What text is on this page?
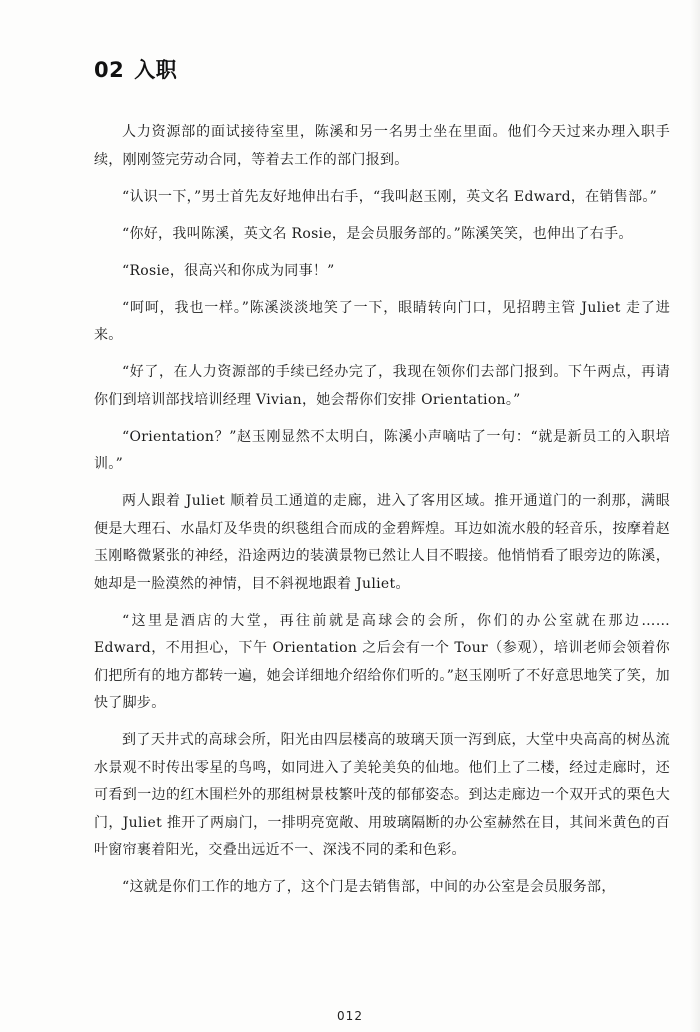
02 入职

人力资源部的面试接待室里，陈溪和另一名男士坐在里面。他们今天过来办理入职手续，刚刚签完劳动合同，等着去工作的部门报到。

“认识一下，”男士首先友好地伸出右手，“我叫赵玉刚，英文名 Edward，在销售部。”

“你好，我叫陈溪，英文名 Rosie，是会员服务部的。”陈溪笑笑，也伸出了右手。

“Rosie，很高兴和你成为同事！”

“呵呵，我也一样。”陈溪淡淡地笑了一下，眼睛转向门口，见招聘主管 Juliet 走了进来。

“好了，在人力资源部的手续已经办完了，我现在领你们去部门报到。下午两点，再请你们到培训部找培训经理 Vivian，她会帮你们安排 Orientation。”

“Orientation？”赵玉刚显然不太明白，陈溪小声嘀咕了一句：“就是新员工的入职培训。”

两人跟着 Juliet 顺着员工通道的走廊，进入了客用区域。推开通道门的一刹那，满眼便是大理石、水晶灯及华贵的织毯组合而成的金碧辉煌。耳边如流水般的轻音乐，按摩着赵玉刚略微紧张的神经，沿途两边的装潢景物已然让人目不暇接。他悄悄看了眼旁边的陈溪，她却是一脸漠然的神情，目不斜视地跟着 Juliet。

“这里是酒店的大堂，再往前就是高球会的会所，你们的办公室就在那边……Edward，不用担心，下午 Orientation 之后会有一个 Tour（参观），培训老师会领着你们把所有的地方都转一遍，她会详细地介绍给你们听的。”赵玉刚听了不好意思地笑了笑，加快了脚步。

到了天井式的高球会所，阳光由四层楼高的玻璃天顶一泻到底，大堂中央高高的树丛流水景观不时传出零星的鸟鸣，如同进入了美轮美奂的仙地。他们上了二楼，经过走廊时，还可看到一边的红木围栏外的那组树景枝繁叶茂的郁郁姿态。到达走廊边一个双开式的栗色大门，Juliet 推开了两扇门，一排明亮宽敞、用玻璃隔断的办公室赫然在目，其间米黄色的百叶窗帘裹着阳光，交叠出远近不一、深浅不同的柔和色彩。

“这就是你们工作的地方了，这个门是去销售部，中间的办公室是会员服务部，

012
